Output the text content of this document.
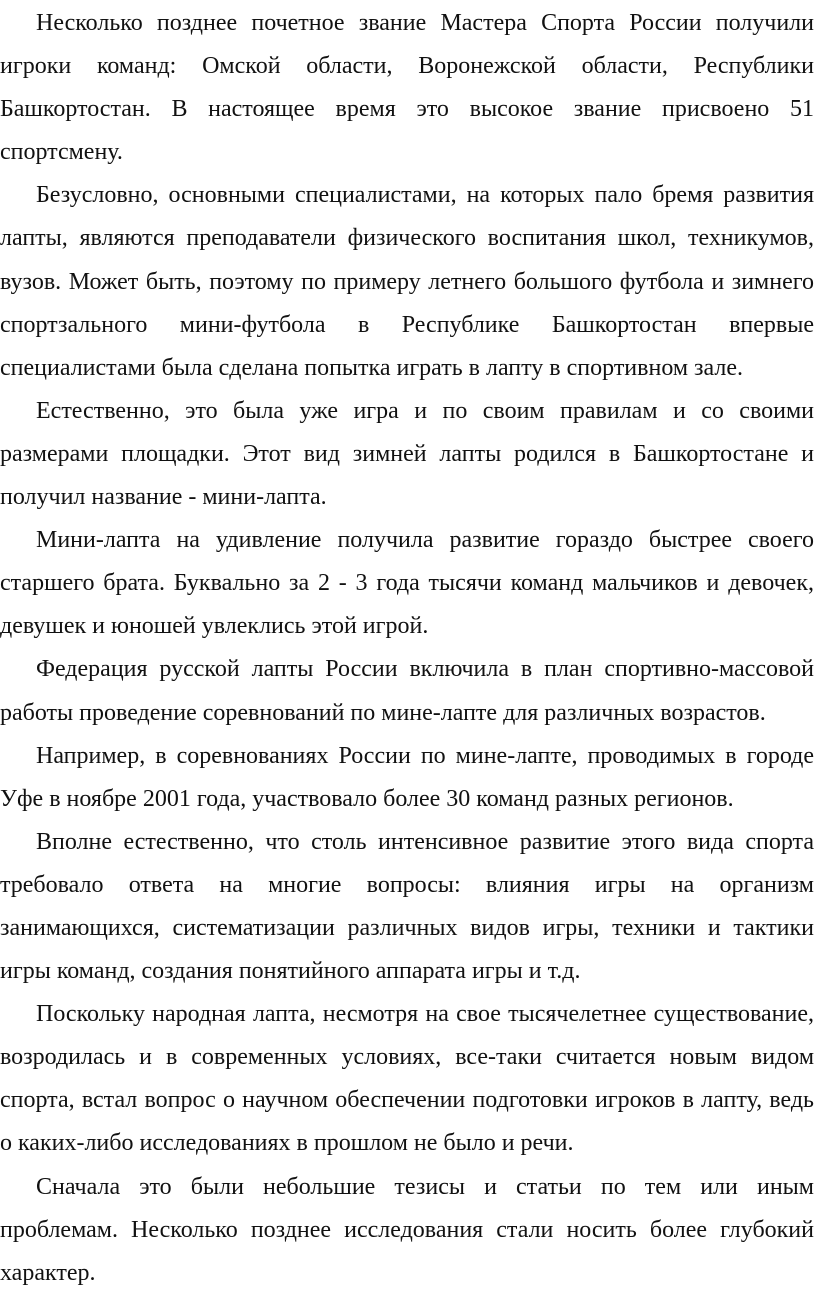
Несколько позднее почетное звание Мастера Спорта России получили
игроки команд: Омской области, Воронежской области, Республики
Башкортостан. В настоящее время это высокое звание присвоено 51
спортсмену.
Безусловно, основными специалистами, на которых пало бремя развития
лапты, являются преподаватели физического воспитания школ, техникумов,
вузов. Может быть, поэтому по примеру летнего большого футбола и зимнего
спортзального мини-футбола в Республике Башкортостан впервые
специалистами была сделана попытка играть в лапту в спортивном зале.
Естественно, это была уже игра и по своим правилам и со своими
размерами площадки. Этот вид зимней лапты родился в Башкортостане и
получил название - мини-лапта.
Мини-лапта на удивление получила развитие гораздо быстрее своего
старшего брата. Буквально за 2 - 3 года тысячи команд мальчиков и девочек,
девушек и юношей увлеклись этой игрой.
Федерация русской лапты России включила в план спортивно-массовой
работы проведение соревнований по мине-лапте для различных возрастов.
Например, в соревнованиях России по мине-лапте, проводимых в городе
Уфе в ноябре 2001 года, участвовало более 30 команд разных регионов.
Вполне естественно, что столь интенсивное развитие этого вида спорта
требовало ответа на многие вопросы: влияния игры на организм
занимающихся, систематизации различных видов игры, техники и тактики
игры команд, создания понятийного аппарата игры и т.д.
Поскольку народная лапта, несмотря на свое тысячелетнее существование,
возродилась и в современных условиях, все-таки считается новым видом
спорта, встал вопрос о научном обеспечении подготовки игроков в лапту, ведь
о каких-либо исследованиях в прошлом не было и речи.
Сначала это были небольшие тезисы и статьи по тем или иным
проблемам. Несколько позднее исследования стали носить более глубокий
характер.
